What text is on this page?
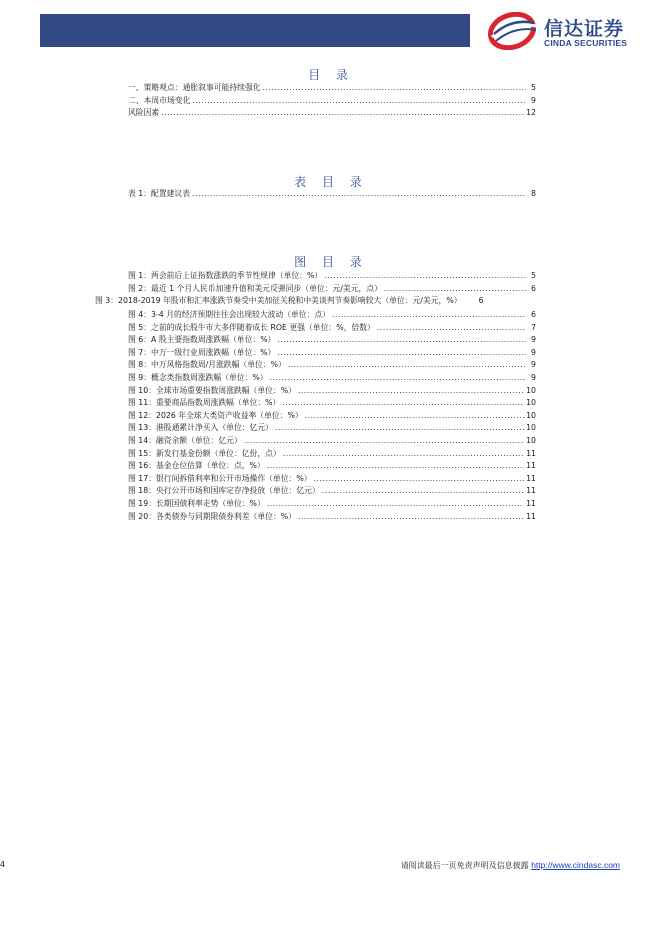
信达证券
CINDA SECURITIES
目 录
一、策略观点：通胀叙事可能持续强化 .....	5
二、本周市场变化 .....	9
风险因素 .....	12
表 目 录
表 1：配置建议表 .....	8
图 目 录
图 1：两会前后上证指数涨跌的季节性规律（单位：%） .....	5
图 2：最近 1 个月人民币加速升值和美元反弹同步（单位：元/美元，点） .....	6
图 3：2018-2019 年股市和汇率涨跌节奏受中美加征关税和中美谈判节奏影响较大（单位：元/美元，%）	6
图 4：3-4 月的经济预期往往会出现较大波动（单位：点） .....	6
图 5：之前的成长股牛市大多伴随着成长 ROE 更强（单位：%，倍数） .....	7
图 6：A 股主要指数周涨跌幅（单位：%） .....	9
图 7：中万一级行业周涨跌幅（单位：%） .....	9
图 8：中万风格指数周/月涨跌幅（单位：%） .....	9
图 9：概念类指数周涨跌幅（单位：%） .....	9
图 10：全球市场重要指数周涨跌幅（单位：%） .....	10
图 11：重要商品指数周涨跌幅（单位：%） .....	10
图 12：2026 年全球大类资产收益率（单位：%） .....	10
图 13：港股通累计净买入（单位：亿元） .....	10
图 14：融资余额（单位：亿元） .....	10
图 15：新发行基金份额（单位：亿份，点） .....	11
图 16：基金仓位估算（单位：点，%） .....	11
图 17：银行间拆借利率和公开市场操作（单位：%） .....	11
图 18：央行公开市场和国库定存净投放（单位：亿元） .....	11
图 19：长期国债利率走势（单位：%） .....	11
图 20：各类债券与同期限债券利差（单位：%） .....	11
请阅读最后一页免责声明及信息披露 http://www.cindasc.com
4
